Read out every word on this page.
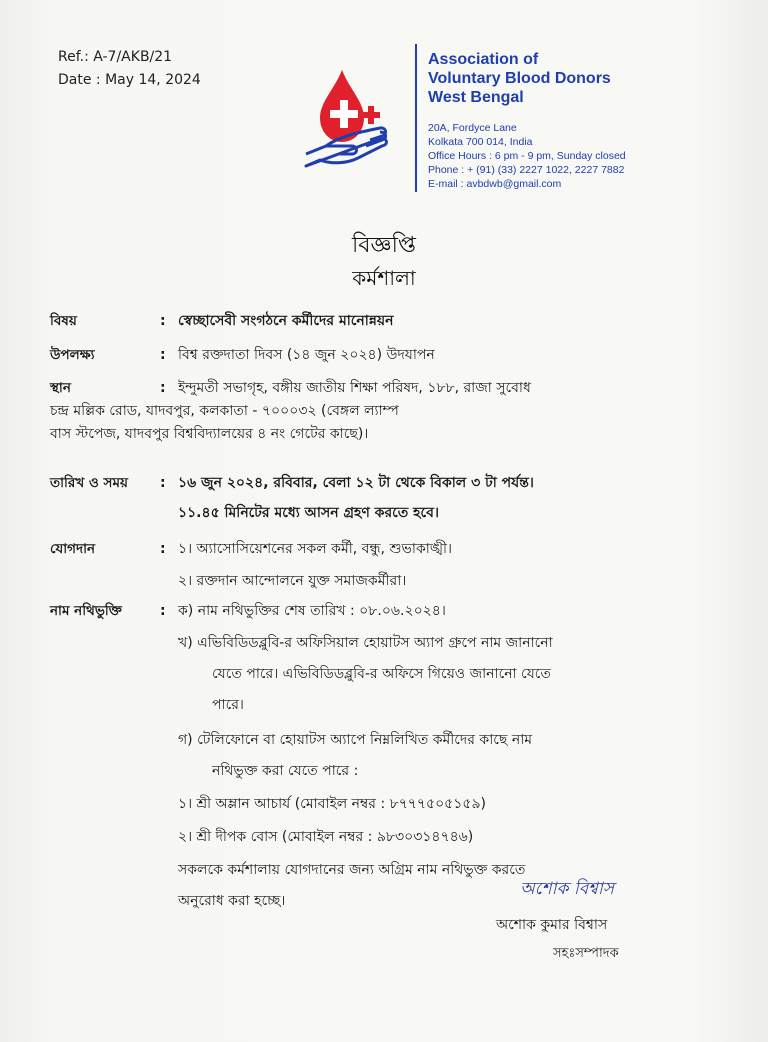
Ref.: A-7/AKB/21
Date : May 14, 2024
Association of
Voluntary Blood Donors
West Bengal
20A, Fordyce Lane
Kolkata 700 014, India
Office Hours : 6 pm - 9 pm, Sunday closed
Phone : + (91) (33) 2227 1022, 2227 7882
E-mail : avbdwb@gmail.com
বিজ্ঞপ্তি
কর্মশালা
বিষয়	: স্বেচ্ছাসেবী সংগঠনে কর্মীদের মানোন্নয়ন
উপলক্ষ্য	: বিশ্ব রক্তদাতা দিবস (১৪ জুন ২০২৪) উদযাপন
স্থান	: ইন্দুমতী সভাগৃহ, বঙ্গীয় জাতীয় শিক্ষা পরিষদ, ১৮৮, রাজা সুবোধ
চন্দ্র মল্লিক রোড, যাদবপুর, কলকাতা - ৭০০০৩২ (বেঙ্গল ল্যাম্প
বাস স্টপেজ, যাদবপুর বিশ্ববিদ্যালয়ের ৪ নং গেটের কাছে)।
তারিখ ও সময়	: ১৬ জুন ২০২৪, রবিবার, বেলা ১২ টা থেকে বিকাল ৩ টা পর্যন্ত।
১১.৪৫ মিনিটের মধ্যে আসন গ্রহণ করতে হবে।
যোগদান	: ১। অ্যাসোসিয়েশনের সকল কর্মী, বন্ধু, শুভাকাঙ্খী।
২। রক্তদান আন্দোলনে যুক্ত সমাজকর্মীরা।
নাম নথিভুক্তি	: ক) নাম নথিভুক্তির শেষ তারিখ : ০৮.০৬.২০২৪।
খ) এভিবিডিডব্লুবি-র অফিসিয়াল হোয়াটস অ্যাপ গ্রুপে নাম জানানো
যেতে পারে। এভিবিডিডব্লুবি-র অফিসে গিয়েও জানানো যেতে
পারে।
গ) টেলিফোনে বা হোয়াটস অ্যাপে নিম্নলিখিত কর্মীদের কাছে নাম
নথিভুক্ত করা যেতে পারে :
১। শ্রী অম্লান আচার্য (মোবাইল নম্বর : ৮৭৭৭৫০৫১৫৯)
২। শ্রী দীপক বোস (মোবাইল নম্বর : ৯৮৩০৩১৪৭৪৬)
সকলকে কর্মশালায় যোগদানের জন্য অগ্রিম নাম নথিভুক্ত করতে
অনুরোধ করা হচ্ছে।
অশোক বিশ্বাস
অশোক কুমার বিশ্বাস
সহঃসম্পাদক
